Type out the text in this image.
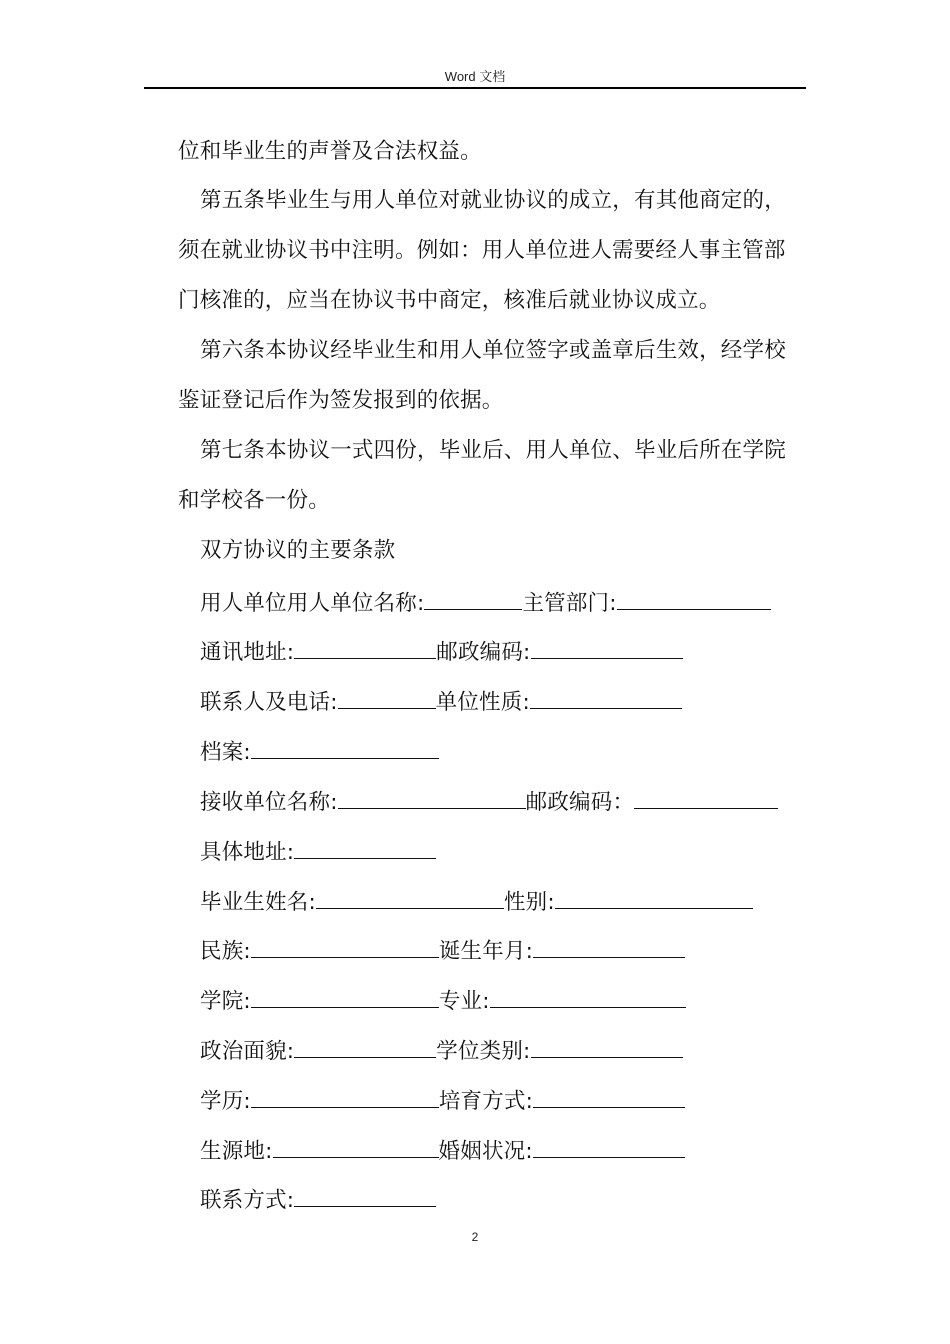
Word 文档
位和毕业生的声誉及合法权益。
第五条毕业生与用人单位对就业协议的成立，有其他商定的，
须在就业协议书中注明。例如：用人单位进人需要经人事主管部
门核准的，应当在协议书中商定，核准后就业协议成立。
第六条本协议经毕业生和用人单位签字或盖章后生效，经学校
鉴证登记后作为签发报到的依据。
第七条本协议一式四份，毕业后、用人单位、毕业后所在学院
和学校各一份。
双方协议的主要条款
用人单位用人单位名称:	主管部门:
通讯地址:	邮政编码:
联系人及电话:	单位性质:
档案:
接收单位名称:	邮政编码：
具体地址:
毕业生姓名:	性别:
民族:	诞生年月:
学院:	专业:
政治面貌:	学位类别:
学历:	培育方式:
生源地:	婚姻状况:
联系方式:
2
